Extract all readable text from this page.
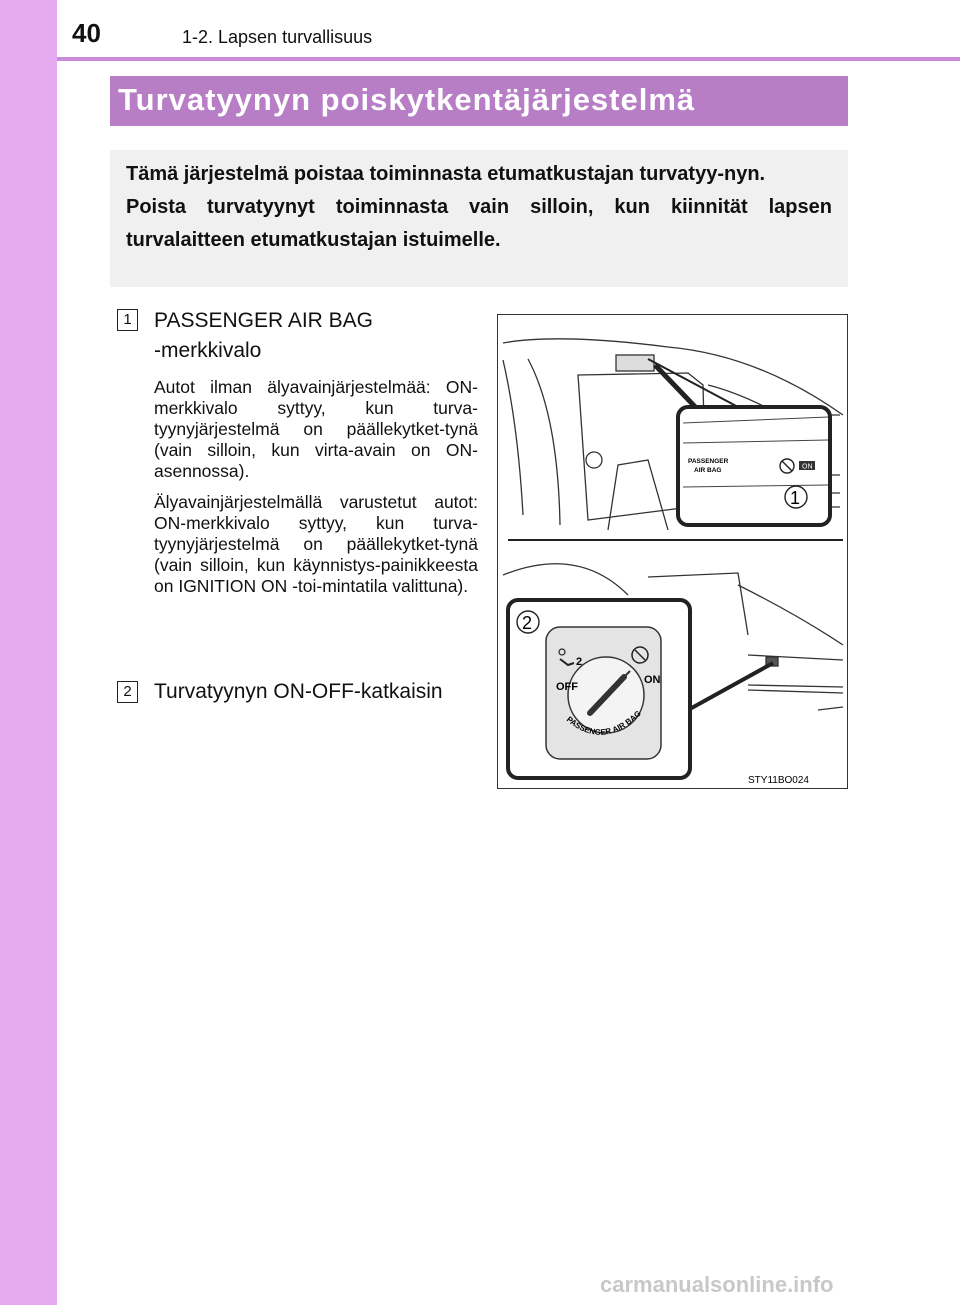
40	1-2. Lapsen turvallisuus
Turvatyynyn poiskytkentäjärjestelmä

Tämä järjestelmä poistaa toiminnasta etumatkustajan turvatyy-nyn.

Poista turvatyynyt toiminnasta vain silloin, kun kiinnität lapsen turvalaitteen etumatkustajan istuimelle.

1	PASSENGER AIR BAG
-merkkivalo

Autot ilman älyavainjärjestelmää: ON-merkkivalo syttyy, kun turva-tyynyjärjestelmä on päällekytket-tynä (vain silloin, kun virta-avain on ON-asennossa).

Älyavainjärjestelmällä varustetut autot: ON-merkkivalo syttyy, kun turva-tyynyjärjestelmä on päällekytket-tynä (vain silloin, kun käynnistys-painikkeesta on IGNITION ON -toi-mintatila valittuna).

2	Turvatyynyn ON-OFF-katkaisin
PASSENGER
AIR BAG	ON
1
2
OFF
ON
2
PASSENGER AIR BAG
STY11BO024
carmanualsonline.info
